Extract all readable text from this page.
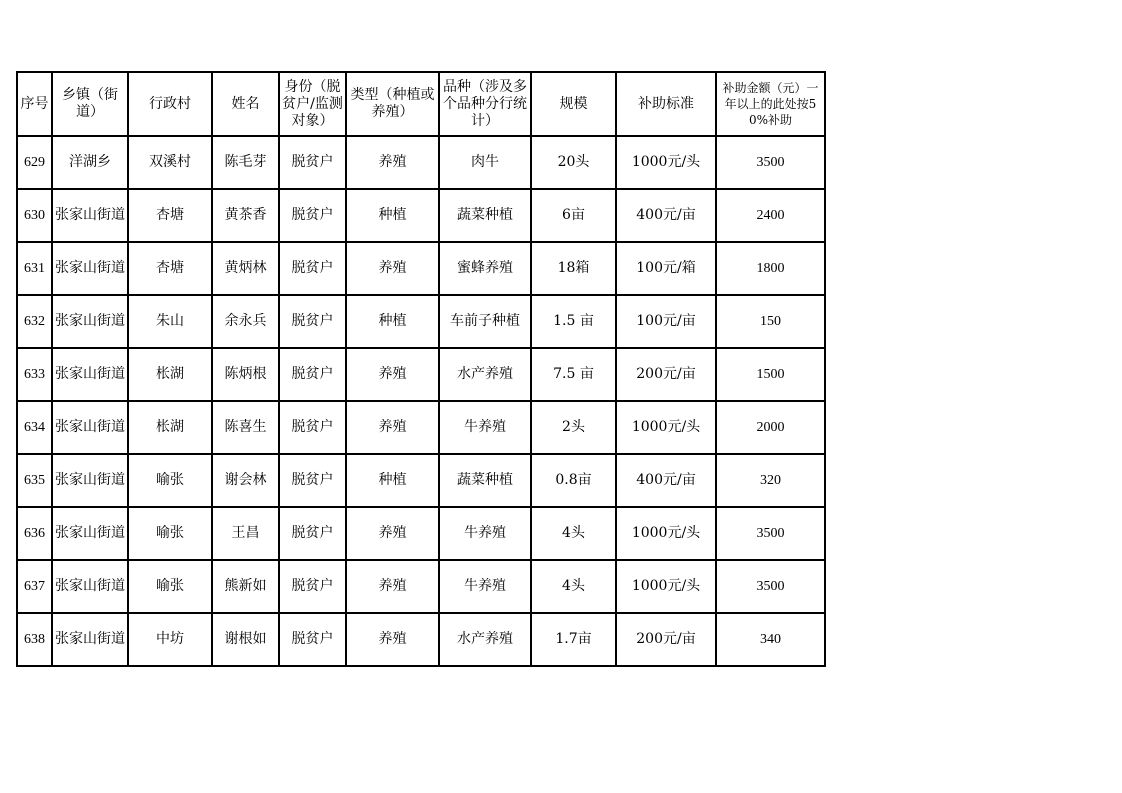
序号	乡镇（街道）	行政村	姓名	身份（脱贫户/监测对象）	类型（种植或养殖）	品种（涉及多个品种分行统计）	规模	补助标准	补助金额（元）一年以上的此处按50%补助
629	洋湖乡	双溪村	陈毛芽	脱贫户	养殖	肉牛	20头	1000元/头	3500
630	张家山街道	杏塘	黄茶香	脱贫户	种植	蔬菜种植	6亩	400元/亩	2400
631	张家山街道	杏塘	黄炳林	脱贫户	养殖	蜜蜂养殖	18箱	100元/箱	1800
632	张家山街道	朱山	余永兵	脱贫户	种植	车前子种植	1.5 亩	100元/亩	150
633	张家山街道	枨湖	陈炳根	脱贫户	养殖	水产养殖	7.5 亩	200元/亩	1500
634	张家山街道	枨湖	陈喜生	脱贫户	养殖	牛养殖	2头	1000元/头	2000
635	张家山街道	喻张	谢会林	脱贫户	种植	蔬菜种植	0.8亩	400元/亩	320
636	张家山街道	喻张	王昌	脱贫户	养殖	牛养殖	4头	1000元/头	3500
637	张家山街道	喻张	熊新如	脱贫户	养殖	牛养殖	4头	1000元/头	3500
638	张家山街道	中坊	谢根如	脱贫户	养殖	水产养殖	1.7亩	200元/亩	340
